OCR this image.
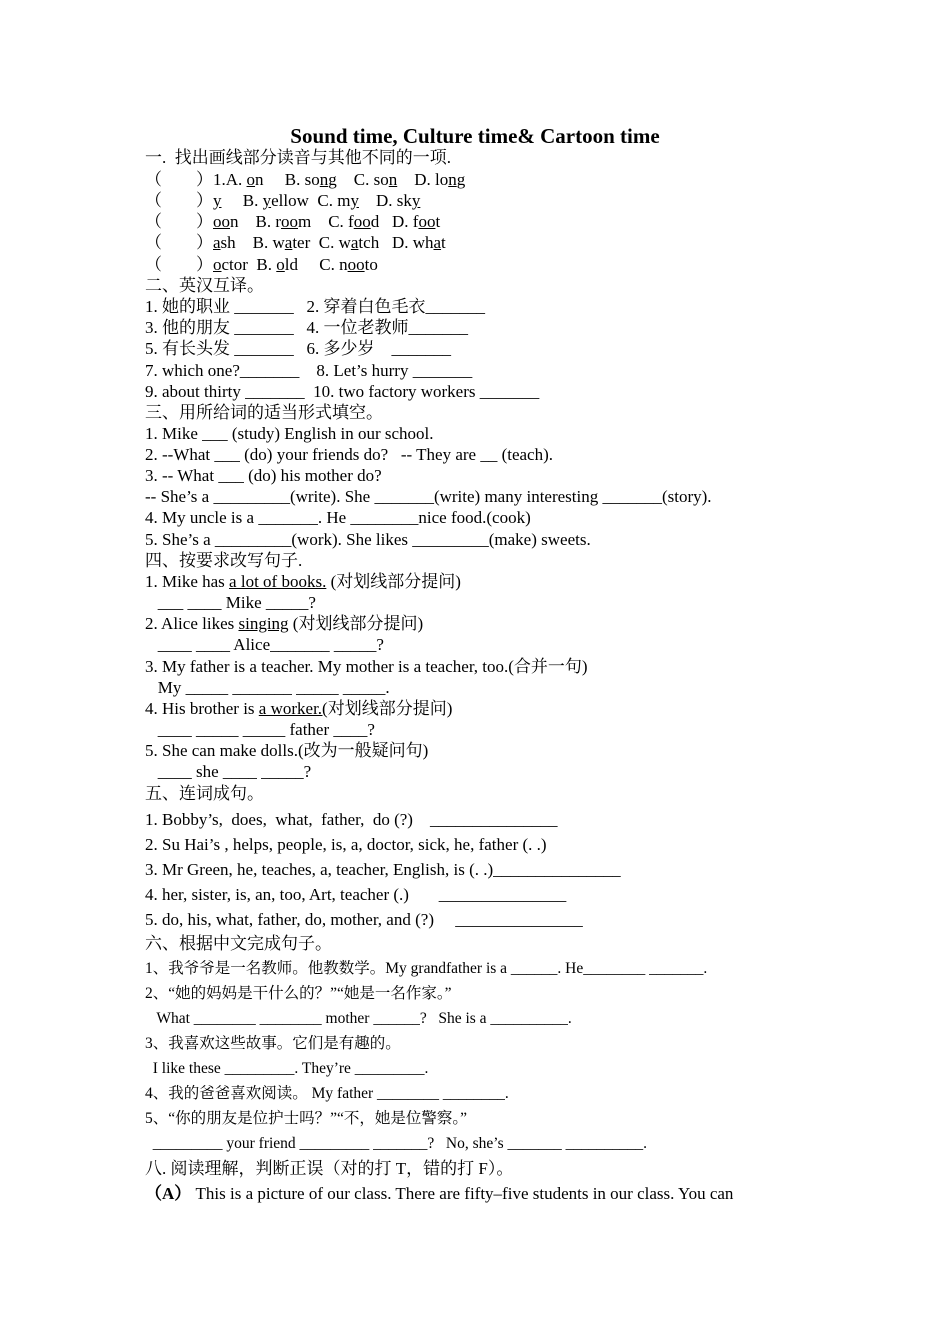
Sound time, Culture time& Cartoon time
一.  找出画线部分读音与其他不同的一项.
（        ）1.A. on     B. song    C. son    D. long
（        ）y     B. yellow  C. my    D. sky
（        ）oon    B. room    C. food   D. foot
（        ）ash    B. water  C. watch   D. what
（        ）octor  B. old     C. nooto
二、英汉互译。
1. 她的职业 _______   2. 穿着白色毛衣_______
3. 他的朋友 _______   4. 一位老教师_______
5. 有长头发 _______   6. 多少岁    _______
7. which one?_______    8. Let’s hurry _______
9. about thirty _______  10. two factory workers _______
三、用所给词的适当形式填空。
1. Mike ___ (study) English in our school.
2. --What ___ (do) your friends do?   -- They are __ (teach).
3. -- What ___ (do) his mother do?
-- She’s a _________(write). She _______(write) many interesting _______(story).
4. My uncle is a _______. He ________nice food.(cook)
5. She’s a _________(work). She likes _________(make) sweets.
四、按要求改写句子.
1. Mike has a lot of books. (对划线部分提问)
___ ____ Mike _____?
2. Alice likes singing (对划线部分提问)
____ ____ Alice_______ _____?
3. My father is a teacher. My mother is a teacher, too.(合并一句)
My _____ _______ _____ _____.
4. His brother is a worker.(对划线部分提问)
____ _____ _____ father ____?
5. She can make dolls.(改为一般疑问句)
____ she ____ _____?
五、连词成句。
1. Bobby’s,  does,  what,  father,  do (?)    _______________
2. Su Hai’s , helps, people, is, a, doctor, sick, he, father (. .)
3. Mr Green, he, teaches, a, teacher, English, is (. .)_______________
4. her, sister, is, an, too, Art, teacher (.)       _______________
5. do, his, what, father, do, mother, and (?)     _______________
六、根据中文完成句子。
1、我爷爷是一名教师。他教数学。My grandfather is a ______. He________ _______.
2、“她的妈妈是干什么的？”“她是一名作家。”
What ________ ________ mother ______?   She is a __________.
3、我喜欢这些故事。它们是有趣的。
I like these _________. They’re _________.
4、我的爸爸喜欢阅读。 My father ________ ________.
5、“你的朋友是位护士吗？”“不，她是位警察。”
_________ your friend _________ _______?   No, she’s _______ __________.
八. 阅读理解，判断正误（对的打 T，错的打 F）。
（A） This is a picture of our class. There are fifty–five students in our class. You can
